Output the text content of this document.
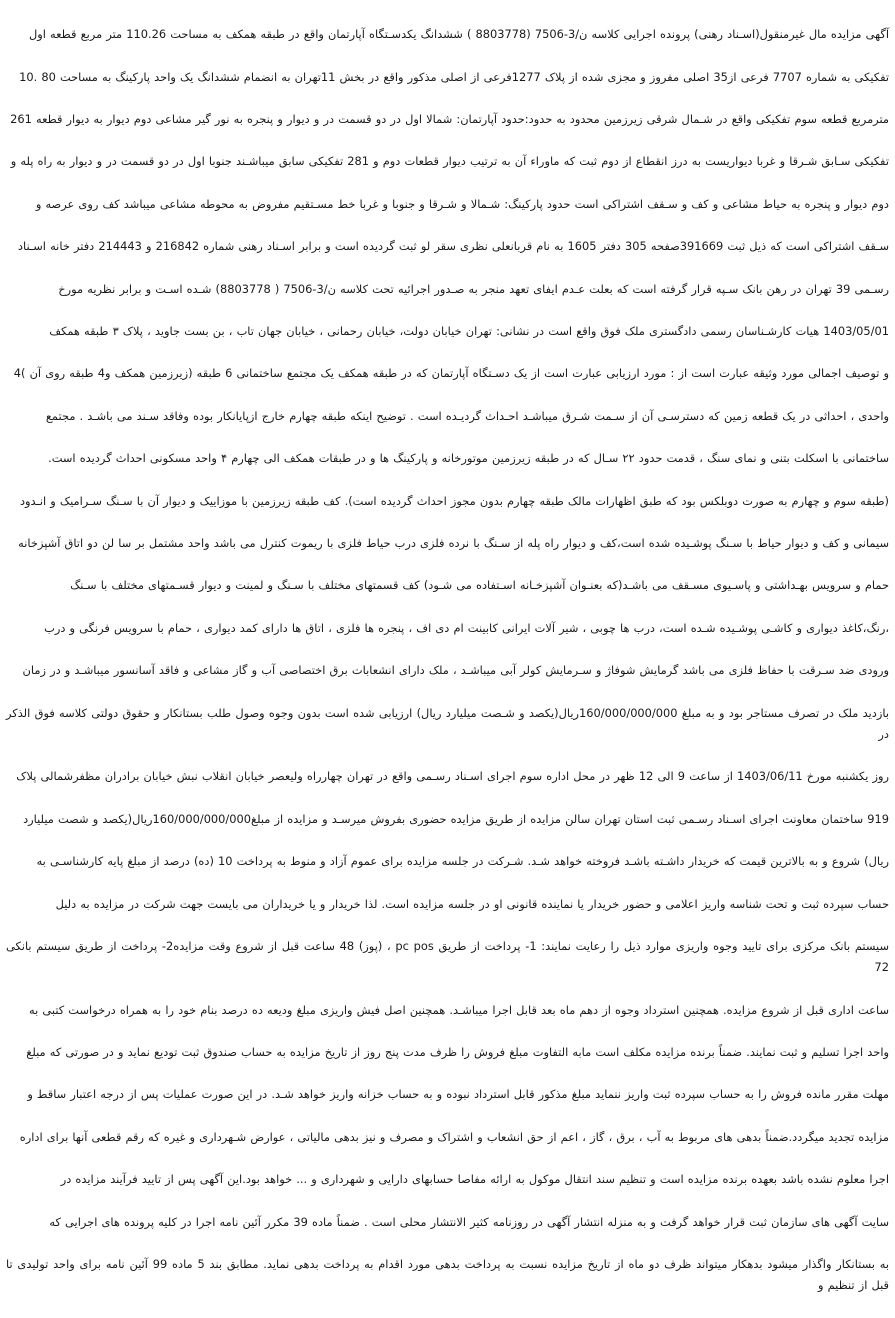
آگهی مزایده مال غیرمنقول(اسـناد رهنی) پرونده اجرایی کلاسه ن/3-7506 (8803778 ) ششدانگ یکدسـتگاه آپارتمان واقع در طبقه همکف به مساحت 110.26 متر مربع قطعه اول

تفکیکی به شماره 7707 فرعی از35 اصلی مفروز و مجزی شده از پلاک 1277فرعی از اصلی مذکور واقع در بخش 11تهران به انضمام ششدانگ یک واحد پارکینگ به مساحت 80 .10

مترمربع قطعه سوم تفکیکی واقع در شـمال شرقی زیرزمین محدود به حدود:حدود آپارتمان: شمالا اول در دو قسمت در و دیوار و پنجره به نور گیر مشاعی دوم دیوار به دیوار قطعه 261

تفکیکی سـابق شـرقا و غربا دیواریست به درز انقطاع از دوم ثبت که ماوراء آن به ترتیب دیوار قطعات دوم و 281 تفکیکی سابق میباشـند جنوبا اول در دو قسمت در و دیوار به راه پله و

دوم دیوار و پنجره به حیاط مشاعی و کف و سـقف اشتراکی است حدود پارکینگ: شـمالا و شـرقا و جنوبا و غربا خط مسـتقیم مفروض به محوطه مشاعی میباشد کف روی عرصه و

سـقف اشتراکی است که ذیل ثبت 391669صفحه 305 دفتر 1605 به نام قربانعلی نظری سقر لو ثبت گردیده است و برابر اسـناد رهنی شماره 216842 و 214443 دفتر خانه اسـناد

رسـمی 39 تهران در رهن بانک سـپه قرار گرفته است که بعلت عـدم ایفای تعهد منجر به صـدور اجرائیه تحت کلاسه ن/3-7506 ( 8803778) شـده اسـت و برابر نظریه مورخ

1403/05/01 هیات کارشـناسان رسمی دادگستری ملک فوق واقع است در نشانی: تهران خیابان دولت، خیابان رحمانی ، خیابان جهان تاب ، بن بست جاوید ، پلاک ۳ طبقه همکف

و توصیف اجمالی مورد وثیقه عبارت است از : مورد ارزیابی عبارت است از یک دسـتگاه آپارتمان که در طبقه همکف یک مجتمع ساختمانی 6 طبقه (زیرزمین همکف و4 طبقه روی آن )4

واحدی ، احداثی در یک قطعه زمین که دسترسـی آن از سـمت شـرق میباشـد احـداث گردیـده است . توضیح اینکه طبقه چهارم خارج ازپایانکار بوده وفاقد سـند می باشـد . مجتمع

ساختمانی با اسکلت بتنی و نمای سنگ ، قدمت حدود ۲۲ سـال که در طبقه زیرزمین موتورخانه و پارکینگ ها و در طبقات همکف الی چهارم ۴ واحد مسکونی احداث گردیده است.

(طبقه سوم و چهارم به صورت دوبلکس بود که طبق اظهارات مالک طبقه چهارم بدون مجوز احداث گردیده است). کف طبقه زیرزمین با موزاییک و دیوار آن با سـنگ سـرامیک و انـدود

سیمانی و کف و دیوار حیاط با سـنگ پوشـیده شده است،کف و دیوار راه پله از سـنگ با نرده فلزی درب حیاط فلزی با ریموت کنترل می باشد واحد مشتمل بر سا لن دو اتاق آشپزخانه

حمام و سرویس بهـداشتی و پاسـیوی مسـقف می باشـد(که بعنـوان آشپزخـانه اسـتفاده می شـود) کف قسمتهای مختلف با سـنگ و لمینت و دیوار قسـمتهای مختلف با سـنگ

،رنگ،کاغذ دیواری و کاشـی پوشـیده شـده است، درب ها چوبی ، شیر آلات ایرانی کابینت ام دی اف ، پنجره ها فلزی ، اتاق ها دارای کمد دیواری ، حمام با سرویس فرنگی و درب

ورودی ضد سـرقت با حفاظ فلزی می باشد گرمایش شوفاژ و سـرمایش کولر آبی میباشـد ، ملک دارای انشعابات برق اختصاصی آب و گاز مشاعی و فاقد آسانسور میباشـد و در زمان

بازدید ملک در تصرف مستاجر بود و به مبلغ 160/000/000/000ریال(یکصد و شـصت میلیارد ریال) ارزیابی شده است بدون وجوه وصول طلب بستانکار و حقوق دولتی کلاسه فوق الذکر در

روز یکشنبه مورخ 1403/06/11 از ساعت 9 الی 12 ظهر در محل اداره سوم اجرای اسـناد رسـمی واقع در تهران چهارراه ولیعصر خیابان انقلاب نبش خیابان برادران مظفرشمالی پلاک

919 ساختمان معاونت اجرای اسـناد رسـمی ثبت استان تهران سالن مزایده از طریق مزایده حضوری بفروش میرسـد و مزایده از مبلغ160/000/000/000ریال(یکصد و شصت میلیارد

ریال) شروع و به بالاترین قیمت که خریدار داشـته باشـد فروخته خواهد شـد. شـرکت در جلسه مزایده برای عموم آزاد و منوط به پرداخت 10 (ده) درصد از مبلغ پایه کارشناسـی به

حساب سپرده ثبت و تحت شناسه واریز اعلامی و حضور خریدار یا نماینده قانونی او در جلسه مزایده است. لذا خریدار و یا خریداران می بایست جهت شرکت در مزایده به دلیل

سیستم بانک مرکزی برای تایید وجوه واریزی موارد ذیل را رعایت نمایند: 1- پرداخت از طریق pc pos ، (پوز) 48 ساعت قبل از شروع وقت مزایده2- پرداخت از طریق سیستم بانکی 72

ساعت اداری قبل از شروع مزایده. همچنین استرداد وجوه از دهم ماه بعد قابل اجرا میباشـد. همچنین اصل فیش واریزی مبلغ ودیعه ده درصد بنام خود را به همراه درخواست کتبی به

واحد اجرا تسلیم و ثبت نمایند. ضمناً برنده مزایده مکلف است مابه التفاوت مبلغ فروش را ظرف مدت پنج روز از تاریخ مزایده به حساب صندوق ثبت تودیع نماید و در صورتی که مبلغ

مهلت مقرر مانده فروش را به حساب سپرده ثبت واریز ننماید مبلغ مذکور قابل استرداد نبوده و به حساب خزانه واریز خواهد شـد. در این صورت عملیات پس از درجه اعتبار ساقط و

مزایده تجدید میگردد.ضمناً بدهی های مربوط به آب ، برق ، گاز ، اعم از حق انشعاب و اشتراک و مصرف و نیز بدهی مالیاتی ، عوارض شـهرداری و غیره که رقم قطعی آنها برای اداره

اجرا معلوم نشده باشد بعهده برنده مزایده است و تنظیم سند انتقال موکول به ارائه مفاصا حسابهای دارایی و شهرداری و ... خواهد بود.این آگهی پس از تایید فرآیند مزایده در

سایت آگهی های سازمان ثبت قرار خواهد گرفت و به منزله انتشار آگهی در روزنامه کثیر الانتشار محلی است . ضمناً ماده 39 مکرر آئین نامه اجرا در کلیه پرونده های اجرایی که

به بستانکار واگذار میشود بدهکار میتواند ظرف دو ماه از تاریخ مزایده نسبت به پرداخت بدهی مورد اقدام به پرداخت بدهی نماید. مطابق بند 5 ماده 99 آئین نامه برای واحد تولیدی تا قبل از تنظیم و
